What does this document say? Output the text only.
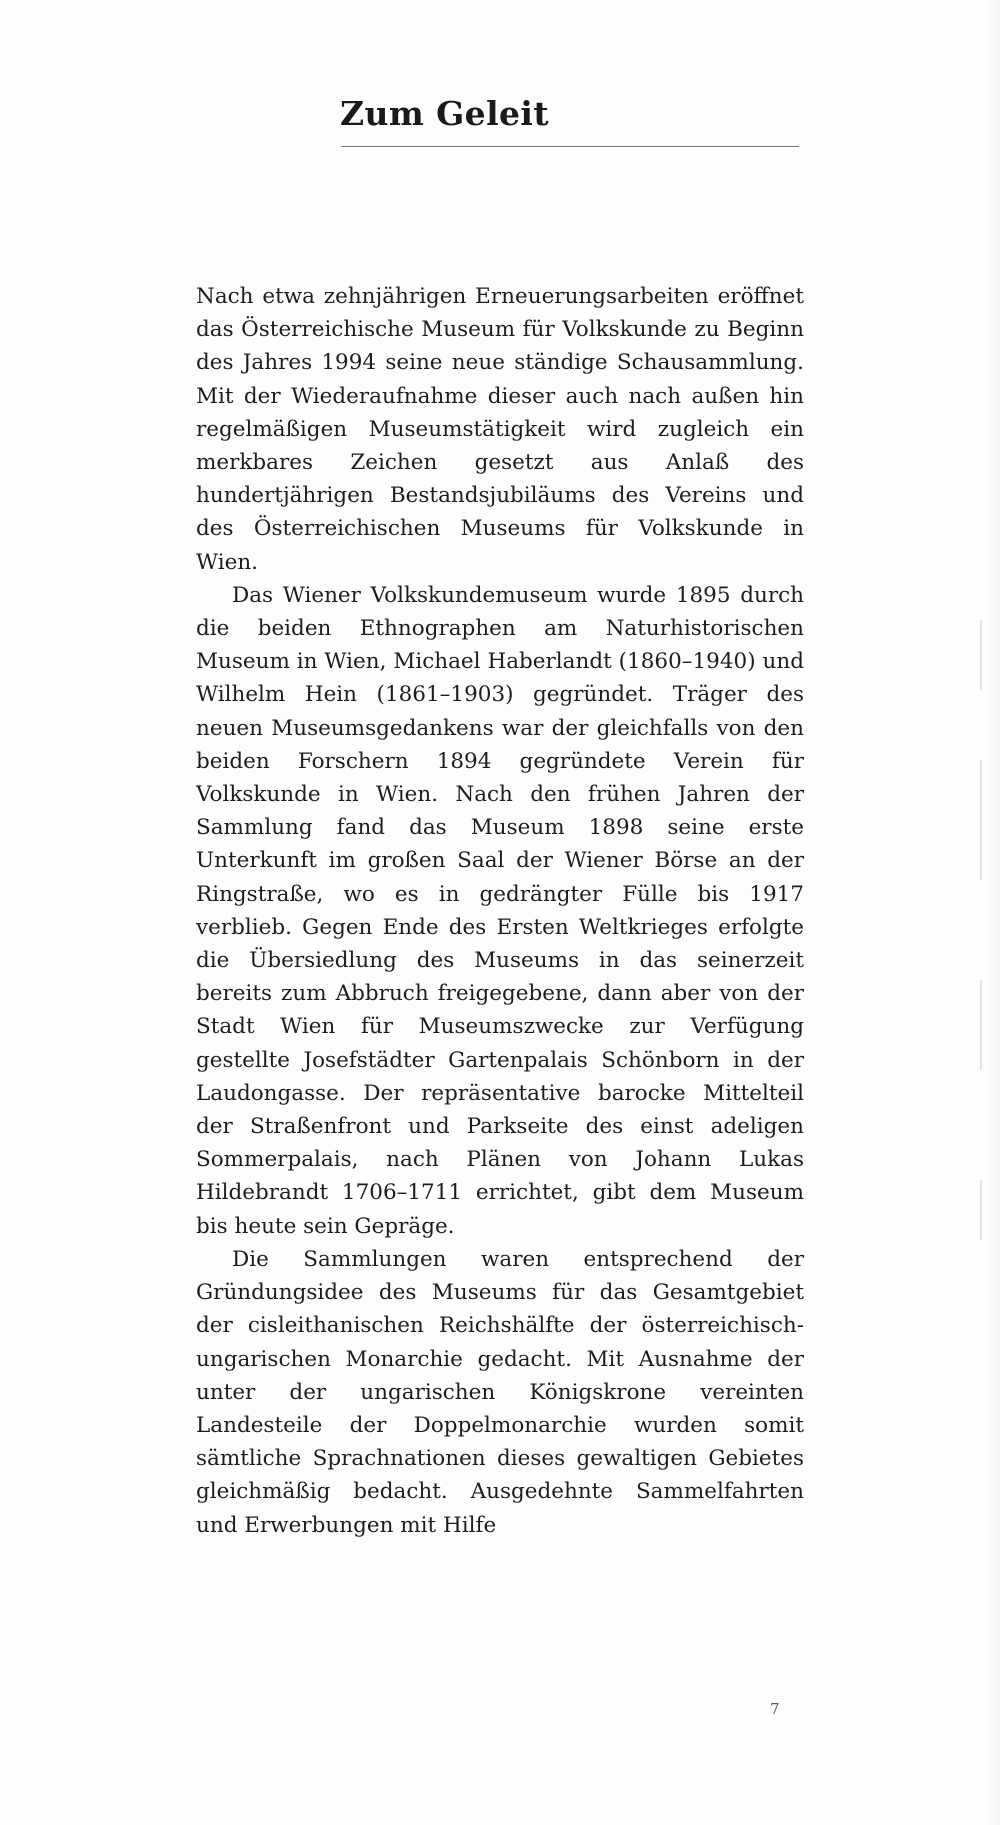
Zum Geleit

Nach etwa zehnjährigen Erneuerungsarbeiten eröffnet das Österreichische Museum für Volkskunde zu Beginn des Jahres 1994 seine neue ständige Schausammlung. Mit der Wiederaufnahme dieser auch nach außen hin regelmäßigen Museumstätigkeit wird zugleich ein merkbares Zeichen gesetzt aus Anlaß des hundertjährigen Bestandsjubiläums des Vereins und des Österreichischen Museums für Volkskunde in Wien.

Das Wiener Volkskundemuseum wurde 1895 durch die beiden Ethnographen am Naturhistorischen Museum in Wien, Michael Haberlandt (1860–1940) und Wilhelm Hein (1861–1903) gegründet. Träger des neuen Museumsgedankens war der gleichfalls von den beiden Forschern 1894 gegründete Verein für Volkskunde in Wien. Nach den frühen Jahren der Sammlung fand das Museum 1898 seine erste Unterkunft im großen Saal der Wiener Börse an der Ringstraße, wo es in gedrängter Fülle bis 1917 verblieb. Gegen Ende des Ersten Weltkrieges erfolgte die Übersiedlung des Museums in das seinerzeit bereits zum Abbruch freigegebene, dann aber von der Stadt Wien für Museumszwecke zur Verfügung gestellte Josefstädter Gartenpalais Schönborn in der Laudongasse. Der repräsentative barocke Mittelteil der Straßenfront und Parkseite des einst adeligen Sommerpalais, nach Plänen von Johann Lukas Hildebrandt 1706–1711 errichtet, gibt dem Museum bis heute sein Gepräge.

Die Sammlungen waren entsprechend der Gründungsidee des Museums für das Gesamtgebiet der cisleithanischen Reichshälfte der österreichisch-ungarischen Monarchie gedacht. Mit Ausnahme der unter der ungarischen Königskrone vereinten Landesteile der Doppelmonarchie wurden somit sämtliche Sprachnationen dieses gewaltigen Gebietes gleichmäßig bedacht. Ausgedehnte Sammelfahrten und Erwerbungen mit Hilfe

7
